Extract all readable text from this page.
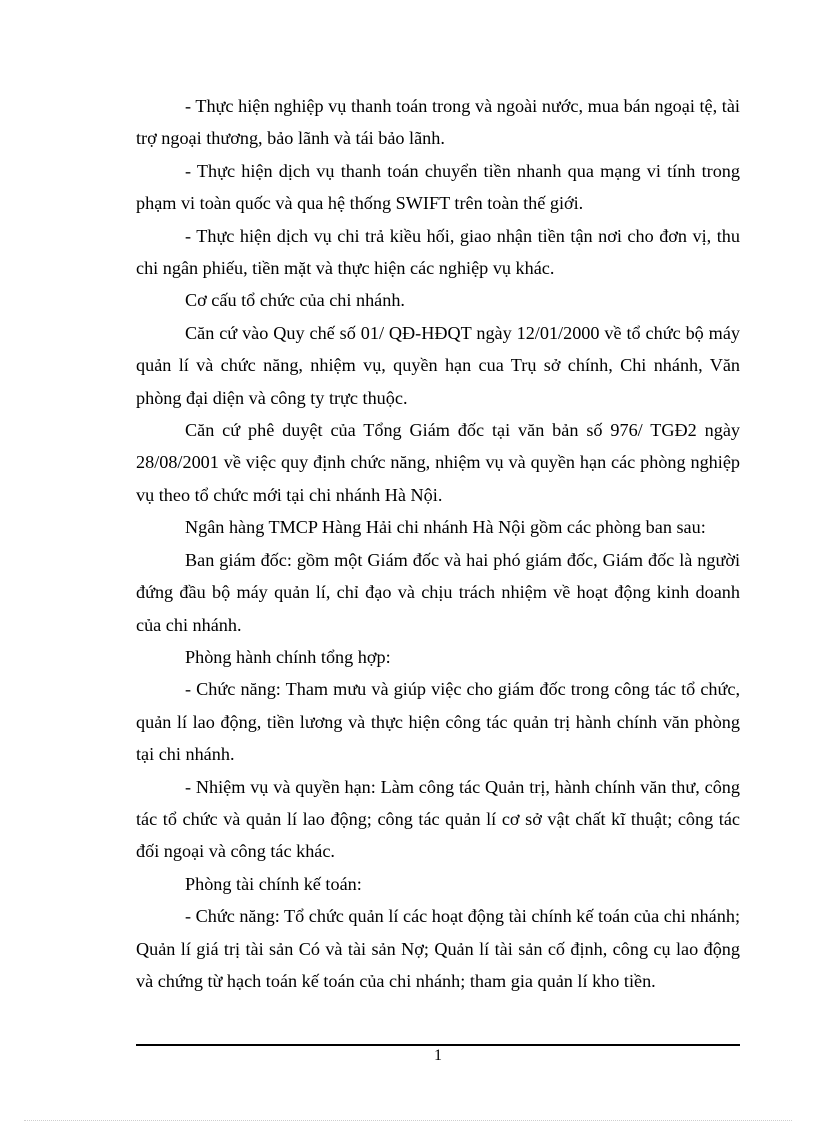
- Thực hiện nghiệp vụ thanh toán trong và ngoài nước, mua bán ngoại tệ, tài trợ ngoại thương, bảo lãnh và tái bảo lãnh.

- Thực hiện dịch vụ thanh toán chuyển tiền nhanh qua mạng vi tính trong phạm vi toàn quốc và qua hệ thống SWIFT trên toàn thế giới.

- Thực hiện dịch vụ chi trả kiều hối, giao nhận tiền tận nơi cho đơn vị, thu chi ngân phiếu, tiền mặt và thực hiện các nghiệp vụ khác.

Cơ cấu tổ chức của chi nhánh.

Căn cứ vào Quy chế số 01/ QĐ-HĐQT ngày 12/01/2000 về tổ chức bộ máy quản lí và chức năng, nhiệm vụ, quyền hạn cua Trụ sở chính, Chi nhánh, Văn phòng đại diện và công ty trực thuộc.

Căn cứ phê duyệt của Tổng Giám đốc tại văn bản số 976/ TGĐ2 ngày 28/08/2001 về việc quy định chức năng, nhiệm vụ và quyền hạn các phòng nghiệp vụ theo tổ chức mới tại chi nhánh Hà Nội.

Ngân hàng TMCP Hàng Hải chi nhánh Hà Nội gồm các phòng ban sau:

Ban giám đốc: gồm một Giám đốc và hai phó giám đốc, Giám đốc là người đứng đầu bộ máy quản lí, chỉ đạo và chịu trách nhiệm về hoạt động kinh doanh của chi nhánh.

Phòng hành chính tổng hợp:

- Chức năng: Tham mưu và giúp việc cho giám đốc trong công tác tổ chức, quản lí lao động, tiền lương và thực hiện công tác quản trị hành chính văn phòng tại chi nhánh.

- Nhiệm vụ và quyền hạn: Làm công tác Quản trị, hành chính văn thư, công tác tổ chức và quản lí lao động; công tác quản lí cơ sở vật chất kĩ thuật; công tác đối ngoại và công tác khác.

Phòng tài chính kế toán:

- Chức năng: Tổ chức quản lí các hoạt động tài chính kế toán của chi nhánh; Quản lí giá trị tài sản Có và tài sản Nợ; Quản lí tài sản cố định, công cụ lao động và chứng từ hạch toán kế toán của chi nhánh; tham gia quản lí kho tiền.

1
